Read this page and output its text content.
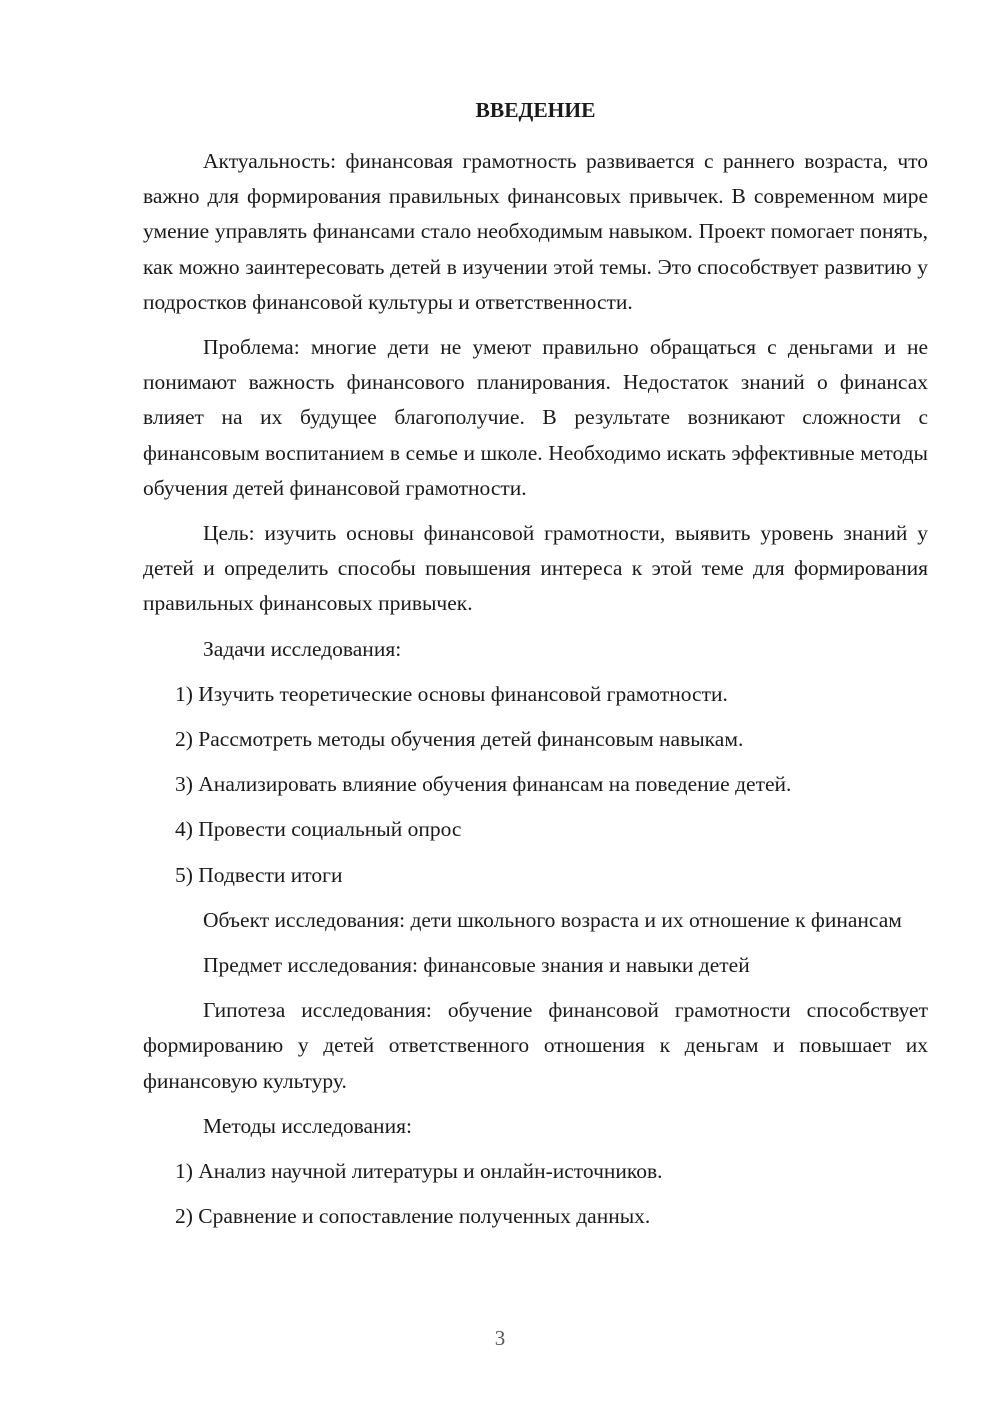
ВВЕДЕНИЕ

Актуальность: финансовая грамотность развивается с раннего возраста, что важно для формирования правильных финансовых привычек. В современном мире умение управлять финансами стало необходимым навыком. Проект помогает понять, как можно заинтересовать детей в изучении этой темы. Это способствует развитию у подростков финансовой культуры и ответственности.

Проблема: многие дети не умеют правильно обращаться с деньгами и не понимают важность финансового планирования. Недостаток знаний о финансах влияет на их будущее благополучие. В результате возникают сложности с финансовым воспитанием в семье и школе. Необходимо искать эффективные методы обучения детей финансовой грамотности.

Цель: изучить основы финансовой грамотности, выявить уровень знаний у детей и определить способы повышения интереса к этой теме для формирования правильных финансовых привычек.

Задачи исследования:

1) Изучить теоретические основы финансовой грамотности.

2) Рассмотреть методы обучения детей финансовым навыкам.

3) Анализировать влияние обучения финансам на поведение детей.

4) Провести социальный опрос

5) Подвести итоги

Объект исследования: дети школьного возраста и их отношение к финансам

Предмет исследования: финансовые знания и навыки детей

Гипотеза исследования: обучение финансовой грамотности способствует формированию у детей ответственного отношения к деньгам и повышает их финансовую культуру.

Методы исследования:

1) Анализ научной литературы и онлайн-источников.

2) Сравнение и сопоставление полученных данных.

3
